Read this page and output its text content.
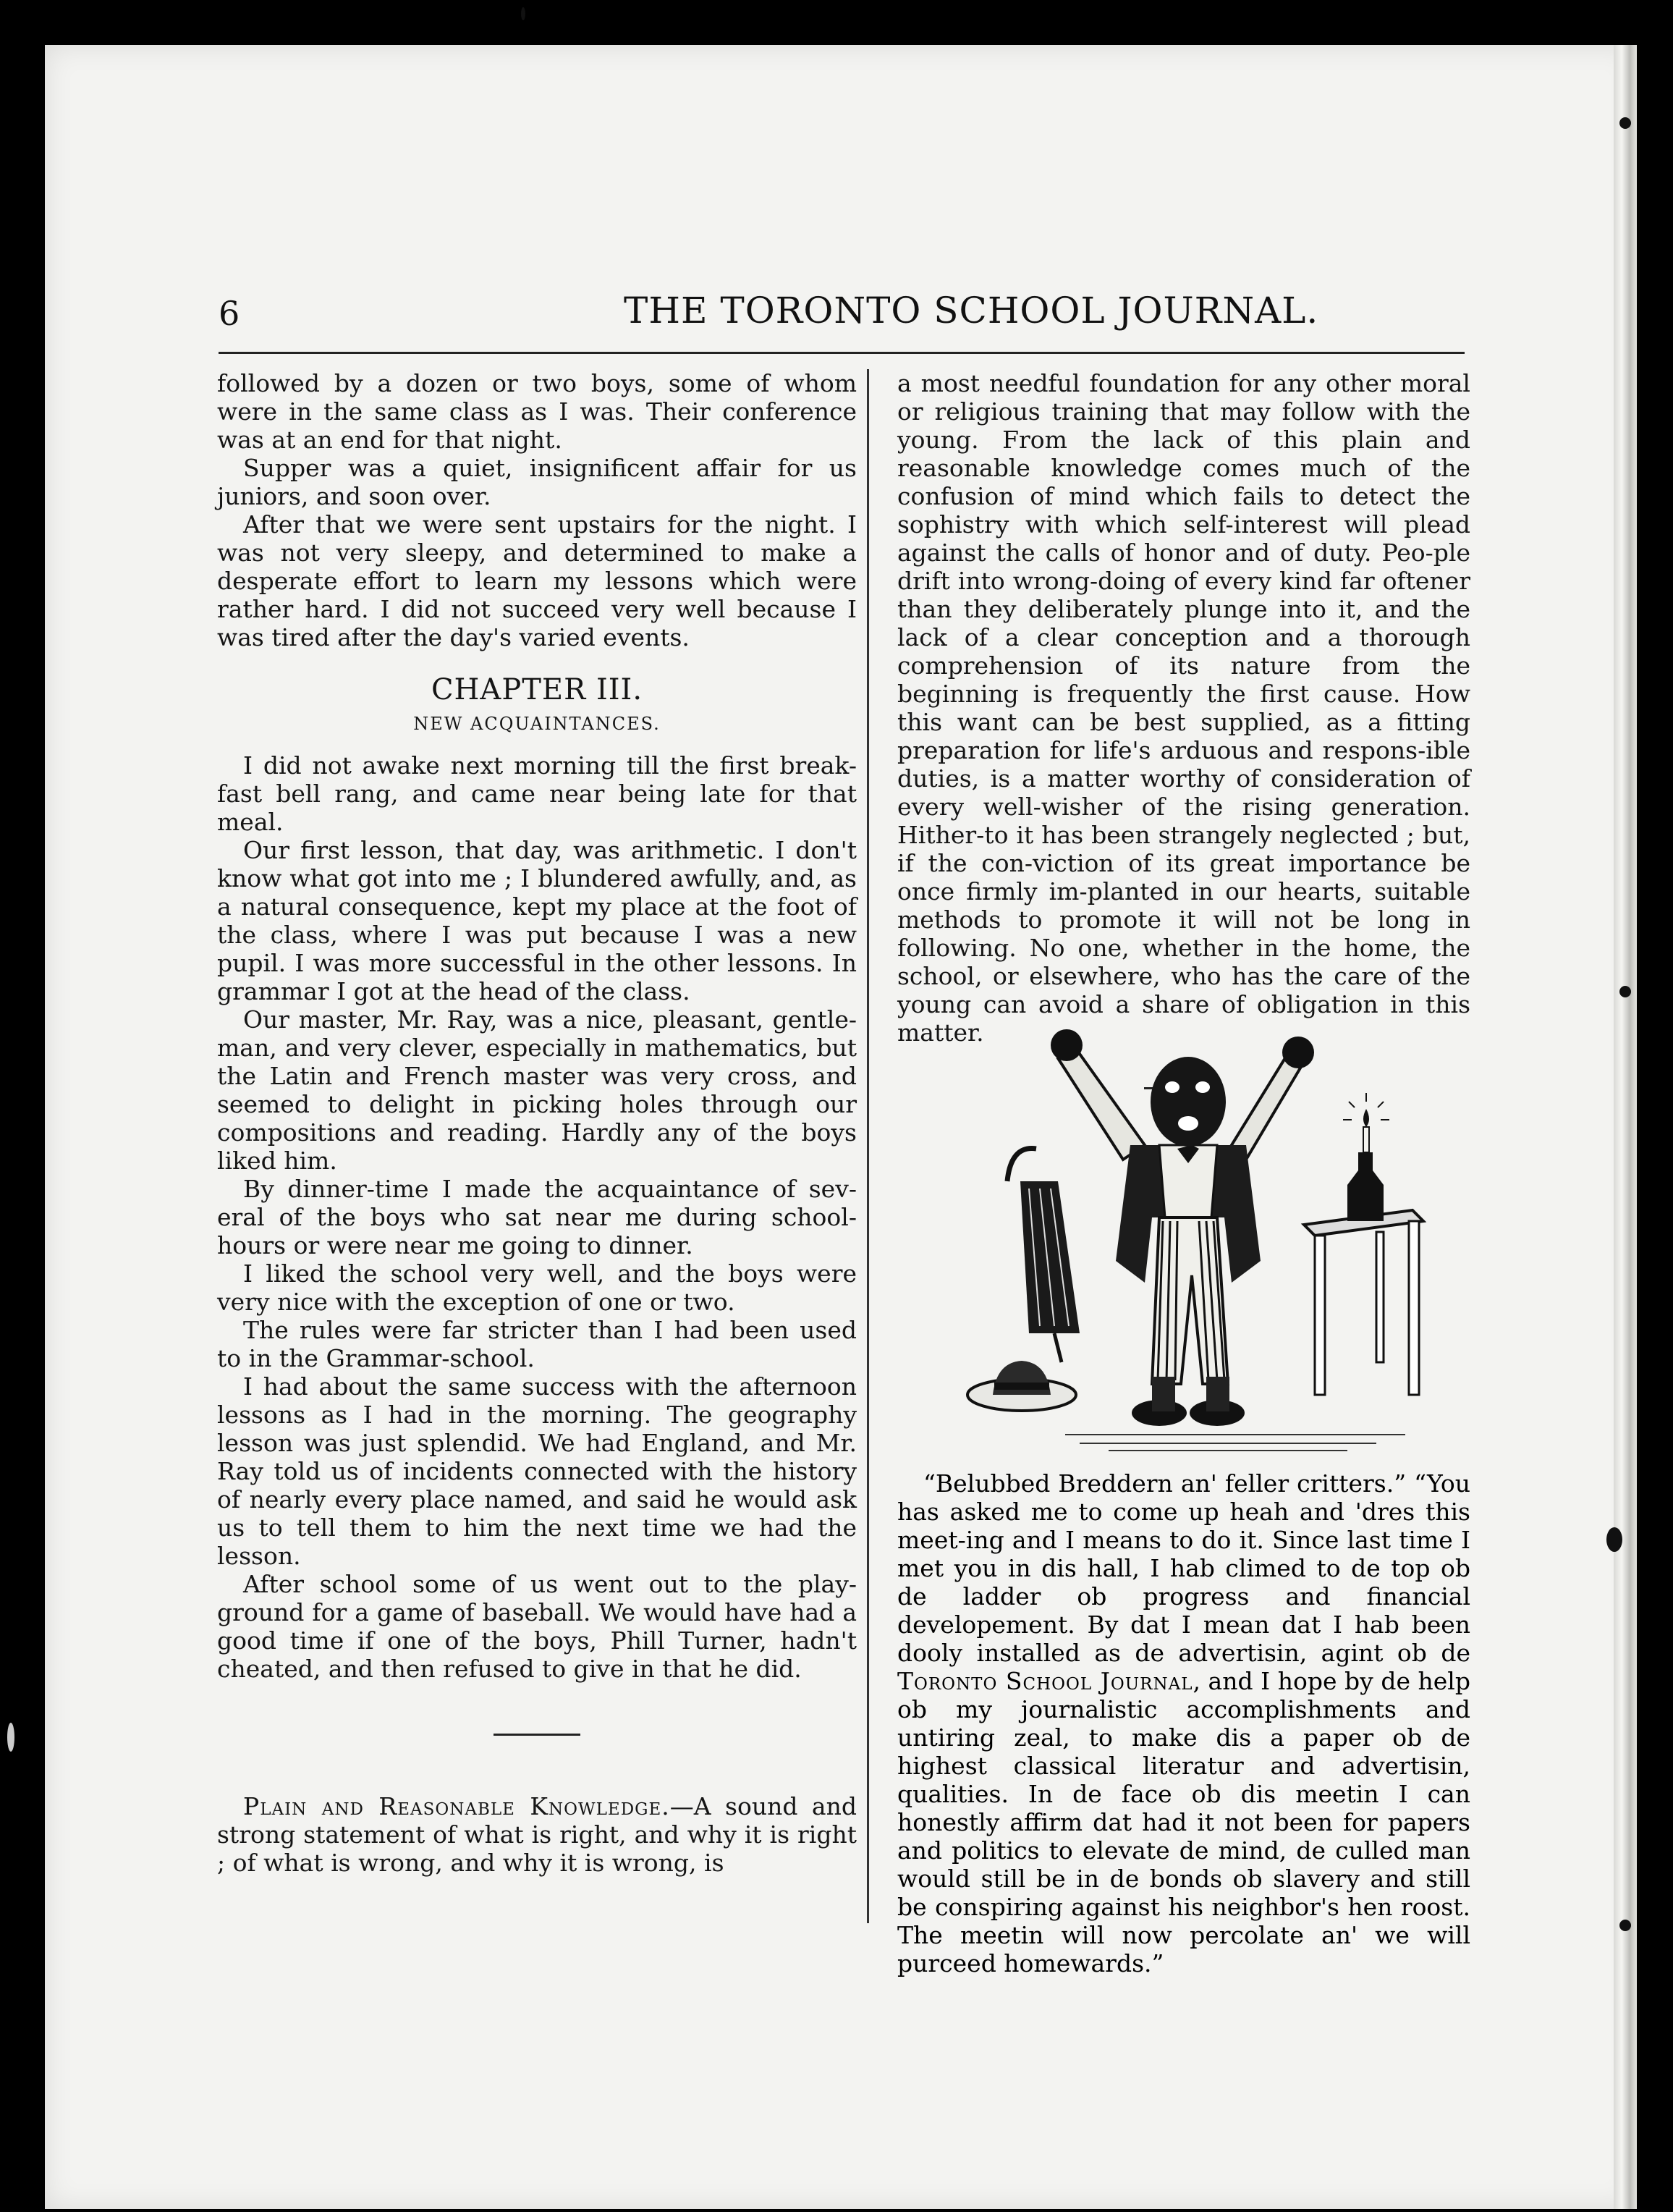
6	THE TORONTO SCHOOL JOURNAL.

followed by a dozen or two boys, some of whom were in the same class as I was. Their conference was at an end for that night.

Supper was a quiet, insignificent affair for us juniors, and soon over.

After that we were sent upstairs for the night. I was not very sleepy, and determined to make a desperate effort to learn my lessons which were rather hard. I did not succeed very well because I was tired after the day's varied events.

CHAPTER III.
NEW ACQUAINTANCES.

I did not awake next morning till the first break-fast bell rang, and came near being late for that meal.

Our first lesson, that day, was arithmetic. I don't know what got into me ; I blundered awfully, and, as a natural consequence, kept my place at the foot of the class, where I was put because I was a new pupil. I was more successful in the other lessons. In grammar I got at the head of the class.

Our master, Mr. Ray, was a nice, pleasant, gentle-man, and very clever, especially in mathematics, but the Latin and French master was very cross, and seemed to delight in picking holes through our compositions and reading. Hardly any of the boys liked him.

By dinner-time I made the acquaintance of sev-eral of the boys who sat near me during school-hours or were near me going to dinner.

I liked the school very well, and the boys were very nice with the exception of one or two.

The rules were far stricter than I had been used to in the Grammar-school.

I had about the same success with the afternoon lessons as I had in the morning. The geography lesson was just splendid. We had England, and Mr. Ray told us of incidents connected with the history of nearly every place named, and said he would ask us to tell them to him the next time we had the lesson.

After school some of us went out to the play-ground for a game of baseball. We would have had a good time if one of the boys, Phill Turner, hadn't cheated, and then refused to give in that he did.

Plain and Reasonable Knowledge.—A sound and strong statement of what is right, and why it is right ; of what is wrong, and why it is wrong, is

a most needful foundation for any other moral or religious training that may follow with the young. From the lack of this plain and reasonable knowledge comes much of the confusion of mind which fails to detect the sophistry with which self-interest will plead against the calls of honor and of duty. Peo-ple drift into wrong-doing of every kind far oftener than they deliberately plunge into it, and the lack of a clear conception and a thorough comprehension of its nature from the beginning is frequently the first cause. How this want can be best supplied, as a fitting preparation for life's arduous and respons-ible duties, is a matter worthy of consideration of every well-wisher of the rising generation. Hither-to it has been strangely neglected ; but, if the con-viction of its great importance be once firmly im-planted in our hearts, suitable methods to promote it will not be long in following. No one, whether in the home, the school, or elsewhere, who has the care of the young can avoid a share of obligation in this matter.

“Belubbed Breddern an' feller critters.” “You has asked me to come up heah and 'dres this meet-ing and I means to do it. Since last time I met you in dis hall, I hab climed to de top ob de ladder ob progress and financial developement. By dat I mean dat I hab been dooly installed as de advertisin, agint ob de Toronto School Journal, and I hope by de help ob my journalistic accomplishments and untiring zeal, to make dis a paper ob de highest classical literatur and advertisin, qualities. In de face ob dis meetin I can honestly affirm dat had it not been for papers and politics to elevate de mind, de culled man would still be in de bonds ob slavery and still be conspiring against his neighbor's hen roost. The meetin will now percolate an' we will purceed homewards.”
